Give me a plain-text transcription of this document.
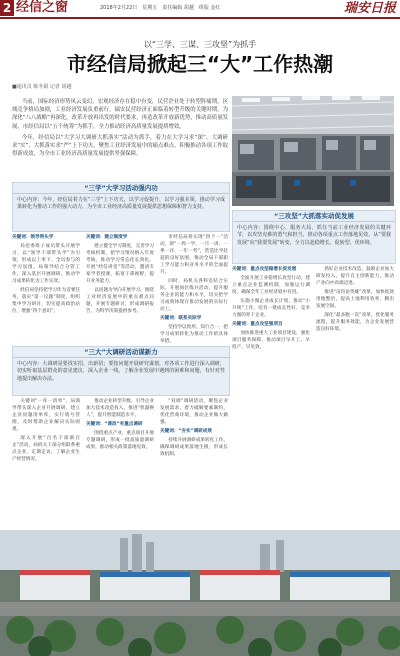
2 经信之窗	2018年2月22日　星期五　责任编辑 胡越　组版 金红	瑞安日报
以“三学、三谋、三攻坚”为抓手
市经信局掀起三“大”工作热潮
■通讯员 陈冬娟 记者 胡越

当前，国际经济形势风云变幻，宏观经济存在稳中有变，民营企业处于转型阵痛期，区域竞争格局加剧，工业经济发展负重前行，瑞安民营经济正面临着转型升级的关键时期。为深化“八八战略”再深化，改革开放再出发的时代要求，再造改革开放新优势，推动高质量发展，市经信局以“五个统筹”为抓手，全力推动经济高质量发展提质增效。

今年，经信局以“大学习大调研大抓落实”活动为抓手，着力在大学习求“深”、大调研求“实”、大抓落实求“严”上下功夫，聚焦工业经济发展中的痛点难点，积极推动各项工作取得新成效，为全市工业经济高质量发展提供坚强保障。

“三学”大学习活动强内功
中心内容：今年，经信局着力在“三学”上下功夫，以学习促提升，以学习强本领，推动学习成果转化为推动工作的强大动力，为全市工业经济高质量发展提供思想保障和智力支持。

关键词：领导带头学

局党委班子成员带头开展学习，以“领导干部带头学”为引领，形成以上率下、全员参与的学习氛围。局领导结合分管工作，深入基层开展调研，推动学习成果转化为工作实效。

经信局坚持把学习作为首要任务，落实“第一议题”制度，组织集中学习研讨，切实提高政治站位，增强“四个意识”。

关键词：建立制度学

建立健全学习制度，完善学习考核机制，把学习情况纳入年度考核，推动学习常态化长效化。开展“经信讲堂”等活动，邀请专家学者授课，拓宽干部视野，提升业务能力。

以问题为导向开展学习，围绕工业经济发展中的重点难点问题，开展专题研讨，形成调研报告，为科学决策提供参考。

市经信局将实现“四个一”活动，即“一周一学、一月一讲、一季一评、一年一考”，营造比学赶超的良好氛围，推动全局干部职工学习能力和业务水平的全面提升。

同时，局机关各科室结合实际，开展岗位练兵活动，提升服务企业的能力和水平，切实把学习成效体现在推动发展的实际行动上。

关键词：联系实际学

坚持学以致用、知行合一，把学习成果转化为推动工作的具体举措。

“三大”大调研活动谋新力
中心内容：大调研是要找实招、出新招；要按问题开展研究谋划，对各项工作进行深入调研，切实听取基层群众的意见建议，深入企业一线，了解企业发展中遇到的困难和问题，有针对性地提出解决办法。

关键词“一库一清单”，局领导带头深入企业开展调研，建立企业问题清单库，实行销号管理，及时帮助企业解决实际困难。

深入开展“百名干部联百企”活动，局机关干部分组联系重点企业，定期走访，了解企业生产经营情况。

推动企业转型升级，引导企业加大技术改造投入，推进“机器换人”，提升智能制造水平。

关键词：“课改”有重点调研

围绕重点产业、重点项目开展专题调研，形成一批高质量调研成果，推动相关政策落地见效。

“双调”调研活动，聚焦企业发展需求，着力破解要素制约，优化营商环境，推动企业做大做强。

关键词：“夯实”调研成效

持续开展调研成果转化工作，确保调研成果落地生根，形成长效机制。

“三攻坚”大抓落实动促发展
中心内容：围绕中心、服务大局，抓住当前工业经济发展的关键环节，以攻坚克难的勇气和担当，推动各项重点工作落地见效。从“要我发展”向“我要发展”转变，全力以赴稳增长、促转型、优环境。

关键词：重点攻坚稳增长促发展

全面开展工业稳增长攻坚行动，建立重点企业监测机制，加强运行调度，确保全年工业经济稳中有进。

实施小微企业成长计划，推动“小升规”工作，培育一批成长性好、竞争力强的骨干企业。

关键词：重点攻坚强项目

加快推进重大工业项目建设，强化项目服务保障，推动项目早开工、早投产、早见效。

抓好企业技术改造，鼓励企业加大研发投入，提升自主创新能力，推动产业向中高端迈进。

推进“亩均论英雄”改革，加快低效用地整治，提高土地利用效率，腾出发展空间。

深化“最多跑一次”改革，优化服务流程，提升服务效能，为企业发展营造良好环境。
